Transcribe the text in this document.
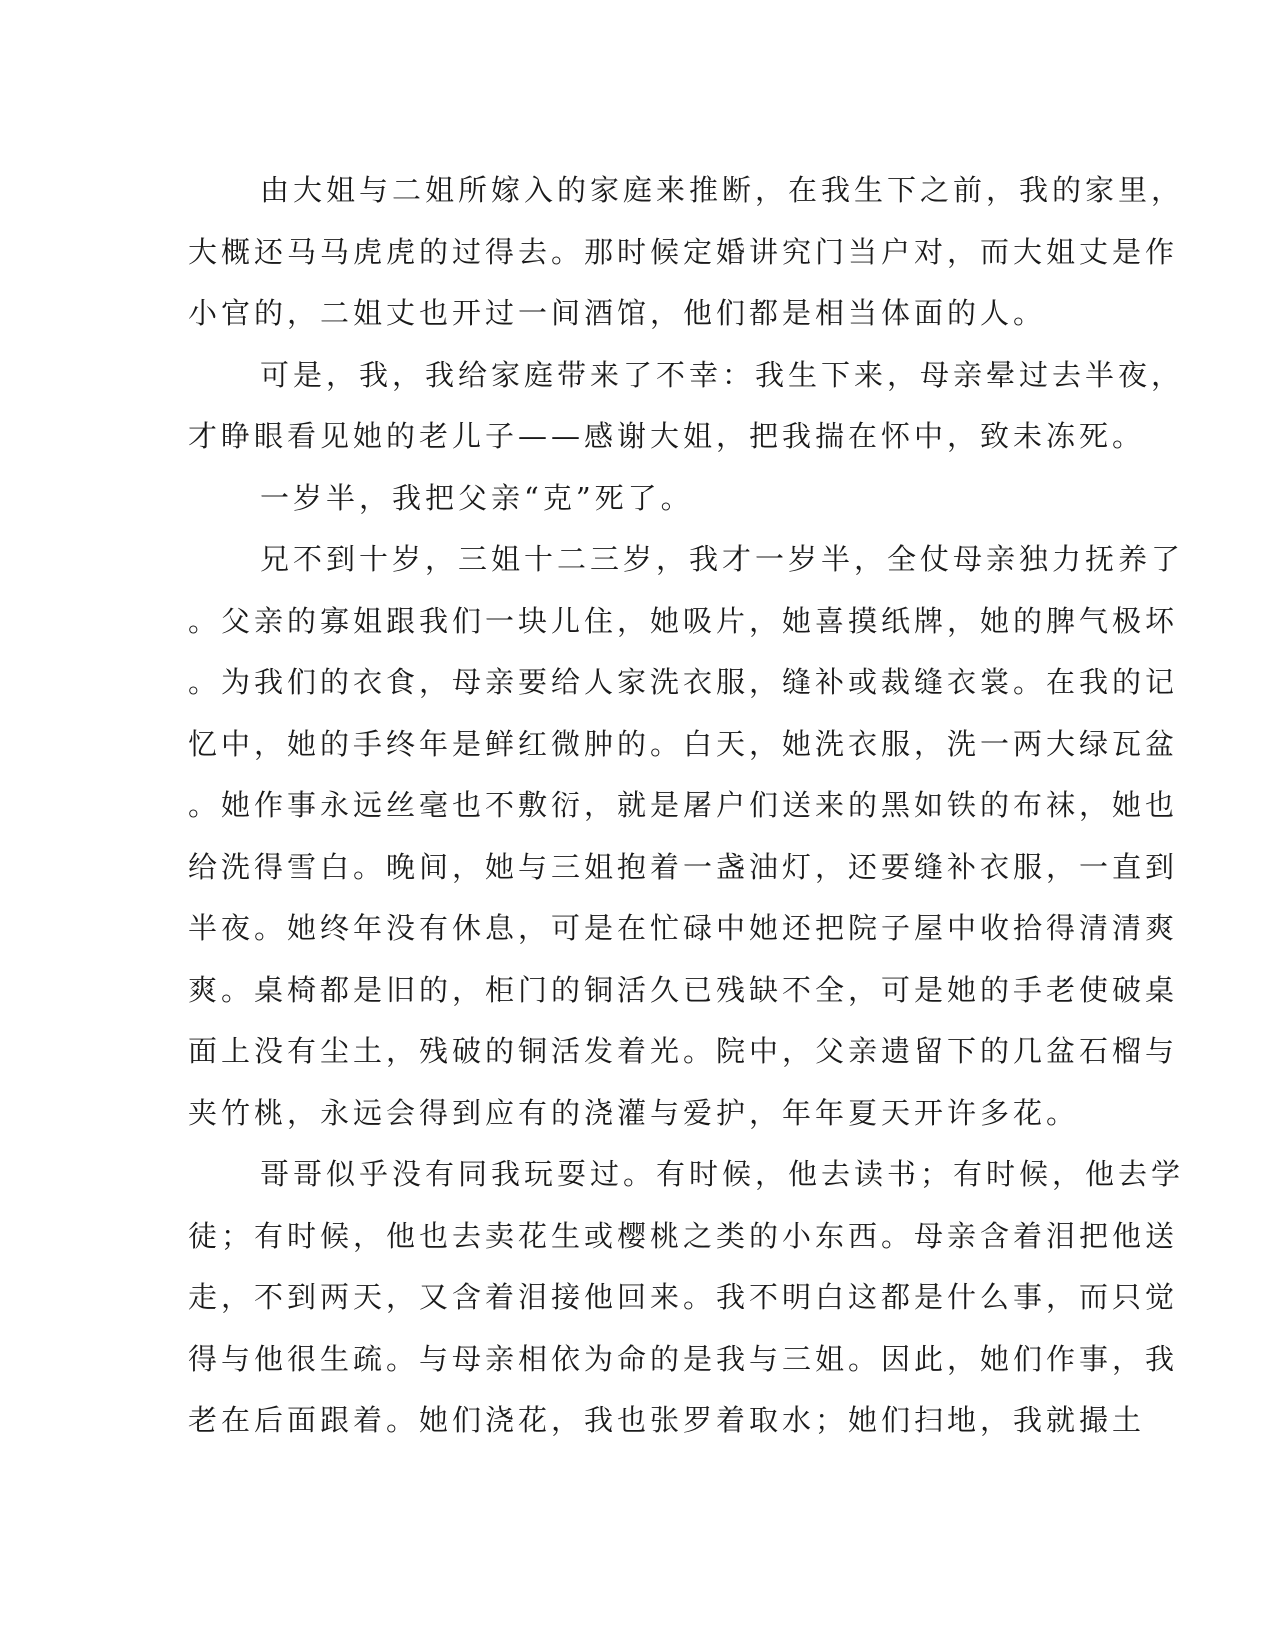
由大姐与二姐所嫁入的家庭来推断，在我生下之前，我的家里，
大概还马马虎虎的过得去。那时候定婚讲究门当户对，而大姐丈是作
小官的，二姐丈也开过一间酒馆，他们都是相当体面的人。
可是，我，我给家庭带来了不幸：我生下来，母亲晕过去半夜，
才睁眼看见她的老儿子——感谢大姐，把我揣在怀中，致未冻死。
一岁半，我把父亲“克”死了。
兄不到十岁，三姐十二三岁，我才一岁半，全仗母亲独力抚养了
。父亲的寡姐跟我们一块儿住，她吸片，她喜摸纸牌，她的脾气极坏
。为我们的衣食，母亲要给人家洗衣服，缝补或裁缝衣裳。在我的记
忆中，她的手终年是鲜红微肿的。白天，她洗衣服，洗一两大绿瓦盆
。她作事永远丝毫也不敷衍，就是屠户们送来的黑如铁的布袜，她也
给洗得雪白。晚间，她与三姐抱着一盏油灯，还要缝补衣服，一直到
半夜。她终年没有休息，可是在忙碌中她还把院子屋中收拾得清清爽
爽。桌椅都是旧的，柜门的铜活久已残缺不全，可是她的手老使破桌
面上没有尘土，残破的铜活发着光。院中，父亲遗留下的几盆石榴与
夹竹桃，永远会得到应有的浇灌与爱护，年年夏天开许多花。
哥哥似乎没有同我玩耍过。有时候，他去读书；有时候，他去学
徒；有时候，他也去卖花生或樱桃之类的小东西。母亲含着泪把他送
走，不到两天，又含着泪接他回来。我不明白这都是什么事，而只觉
得与他很生疏。与母亲相依为命的是我与三姐。因此，她们作事，我
老在后面跟着。她们浇花，我也张罗着取水；她们扫地，我就撮土
